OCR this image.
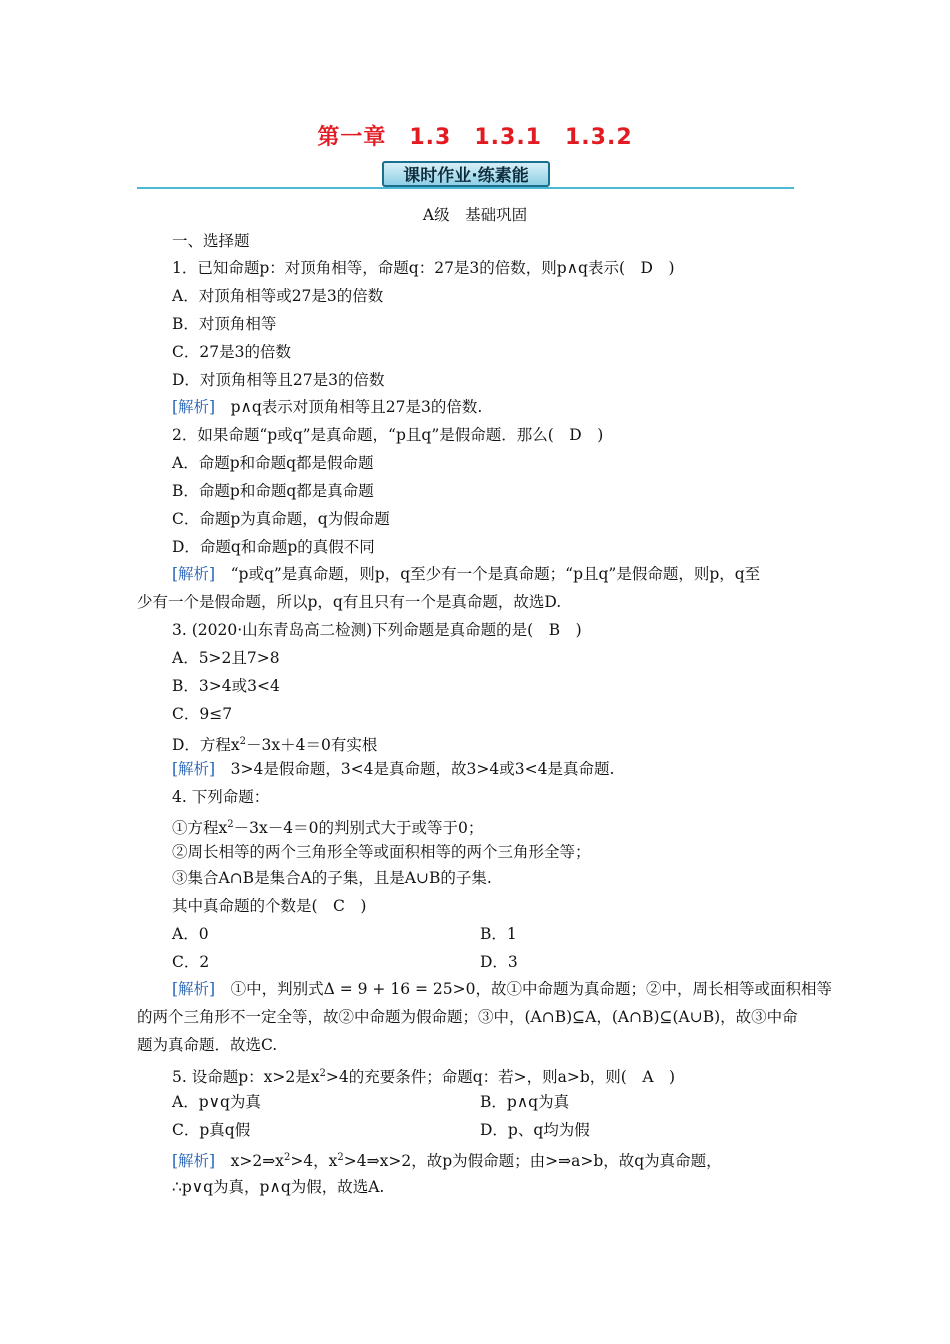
第一章　1.3　1.3.1　1.3.2
课时作业·练素能
A级　基础巩固
一、选择题
1．已知命题p：对顶角相等，命题q：27是3的倍数，则p∧q表示(　D　)
A．对顶角相等或27是3的倍数
B．对顶角相等
C．27是3的倍数
D．对顶角相等且27是3的倍数
[解析]　p∧q表示对顶角相等且27是3的倍数.
2．如果命题“p或q”是真命题，“p且q”是假命题．那么(　D　)
A．命题p和命题q都是假命题
B．命题p和命题q都是真命题
C．命题p为真命题，q为假命题
D．命题q和命题p的真假不同
[解析]　“p或q”是真命题，则p，q至少有一个是真命题；“p且q”是假命题，则p，q至
少有一个是假命题，所以p，q有且只有一个是真命题，故选D.
3. (2020·山东青岛高二检测)下列命题是真命题的是(　B　)
A．5>2且7>8
B．3>4或3<4
C．9≤7
D．方程$x^2-3x+4=0$有实根
[解析]　3>4是假命题，3<4是真命题，故3>4或3<4是真命题.
4. 下列命题：
①方程$x^2-3x-4=0$的判别式大于或等于0；
②周长相等的两个三角形全等或面积相等的两个三角形全等；
③集合A∩B是集合A的子集，且是A∪B的子集.
其中真命题的个数是(　C　)
A．0	B．1
C．2	D．3
[解析]　①中，判别式Δ = 9 + 16 = 25>0，故①中命题为真命题；②中，周长相等或面积相等
的两个三角形不一定全等，故②中命题为假命题；③中，(A∩B)⊆A，(A∩B)⊆(A∪B)，故③中命
题为真命题．故选C.
5. 设命题p：x>2是$x^2>4$的充要条件；命题q：若>，则a>b，则(　A　)
A．p∨q为真	B．p∧q为真
C．p真q假	D．p、q均为假
[解析]　$x>2\Rightarrow x^2>4$，$x^2>4\Rightarrow x>2$，故p为假命题；由>⇒a>b，故q为真命题，
∴p∨q为真，p∧q为假，故选A.
